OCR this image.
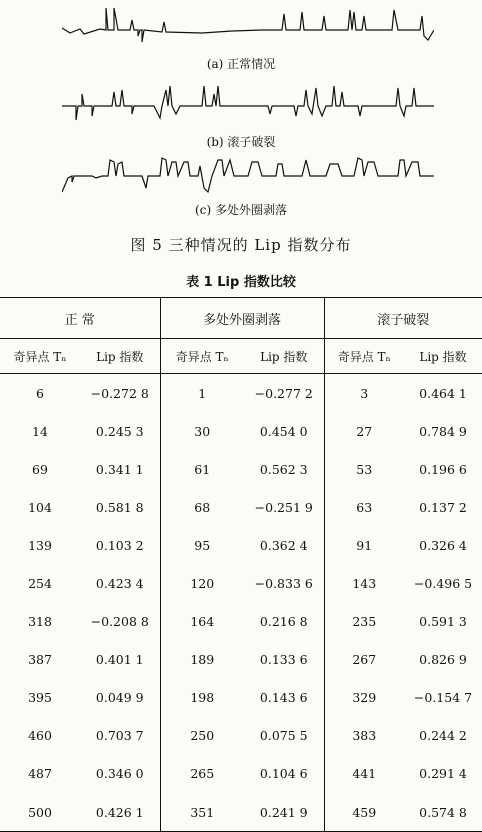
(a) 正常情况
(b) 滚子破裂
(c) 多处外圈剥落
图 5 三种情况的 Lip 指数分布
表 1 Lip 指数比较
正 常		多处外圈剥落		滚子破裂	
奇异点 Tₙ	Lip 指数	奇异点 Tₙ	Lip 指数	奇异点 Tₙ	Lip 指数
6	−0.272 8	1	−0.277 2	3	0.464 1
14	0.245 3	30	0.454 0	27	0.784 9
69	0.341 1	61	0.562 3	53	0.196 6
104	0.581 8	68	−0.251 9	63	0.137 2
139	0.103 2	95	0.362 4	91	0.326 4
254	0.423 4	120	−0.833 6	143	−0.496 5
318	−0.208 8	164	0.216 8	235	0.591 3
387	0.401 1	189	0.133 6	267	0.826 9
395	0.049 9	198	0.143 6	329	−0.154 7
460	0.703 7	250	0.075 5	383	0.244 2
487	0.346 0	265	0.104 6	441	0.291 4
500	0.426 1	351	0.241 9	459	0.574 8
